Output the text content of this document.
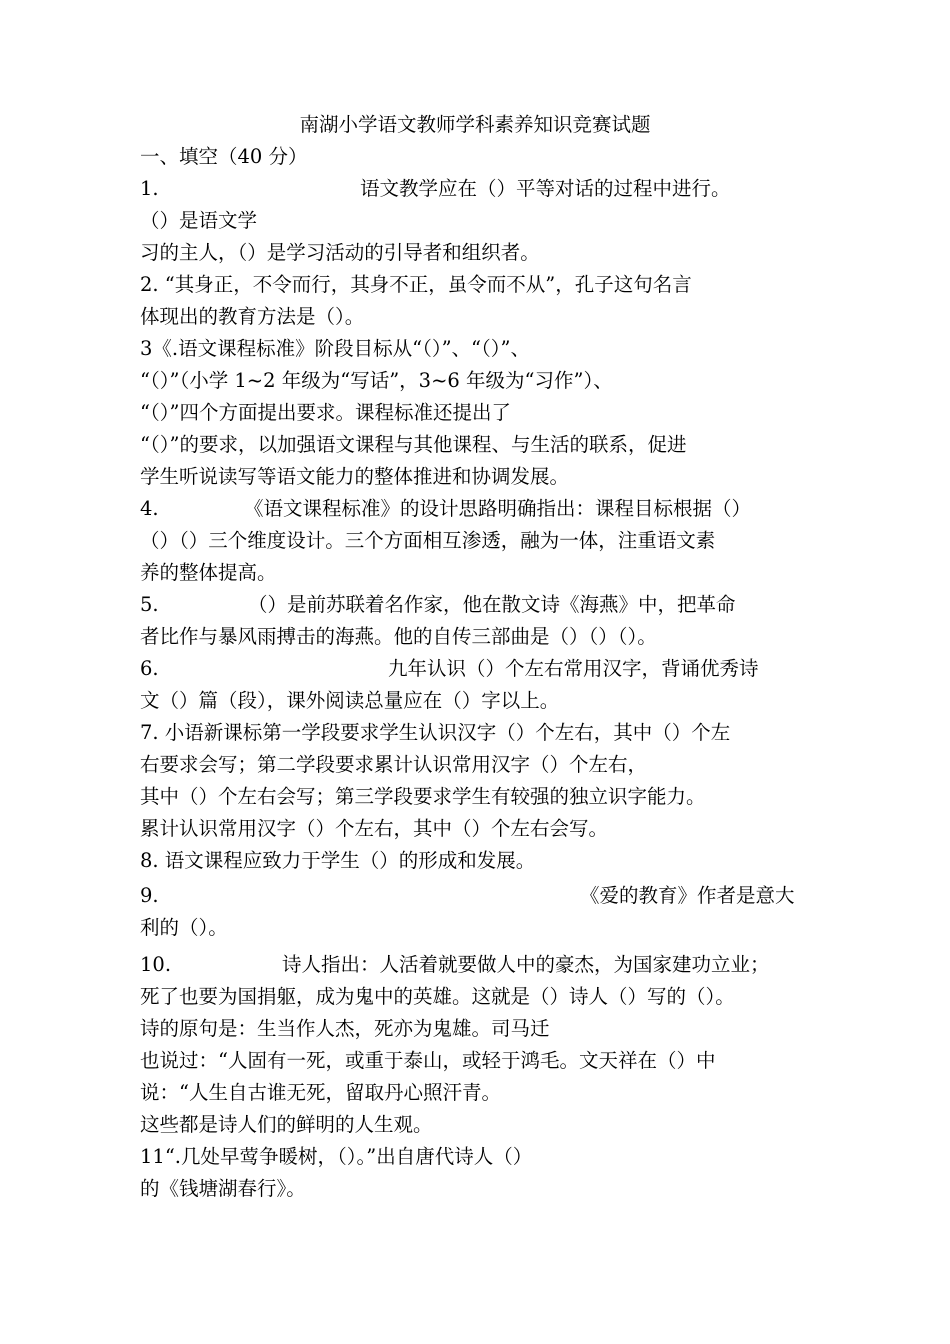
南湖小学语文教师学科素养知识竞赛试题
一、填空（40 分）
1.	语文教学应在（）平等对话的过程中进行。
（）是语文学
习的主人，（）是学习活动的引导者和组织者。
2. “其身正，不令而行，其身不正，虽令而不从”，孔子这句名言
体现出的教育方法是（）。
3《.语文课程标准》阶段目标从“（）”、“（）”、
“（）”（小学 1~2 年级为“写话”，3~6 年级为“习作”）、
“（）”四个方面提出要求。课程标准还提出了
“（）”的要求，以加强语文课程与其他课程、与生活的联系，促进
学生听说读写等语文能力的整体推进和协调发展。
4.	《语文课程标准》的设计思路明确指出：课程目标根据（）
（）（）三个维度设计。三个方面相互渗透，融为一体，注重语文素
养的整体提高。
5.	（）是前苏联着名作家，他在散文诗《海燕》中，把革命
者比作与暴风雨搏击的海燕。他的自传三部曲是（）（）（）。
6.	九年认识（）个左右常用汉字，背诵优秀诗
文（）篇（段），课外阅读总量应在（）字以上。
7. 小语新课标第一学段要求学生认识汉字（）个左右，其中（）个左
右要求会写；第二学段要求累计认识常用汉字（）个左右，
其中（）个左右会写；第三学段要求学生有较强的独立识字能力。
累计认识常用汉字（）个左右，其中（）个左右会写。
8. 语文课程应致力于学生（）的形成和发展。
9.	《爱的教育》作者是意大
利的（）。
10.	诗人指出：人活着就要做人中的豪杰，为国家建功立业；
死了也要为国捐躯，成为鬼中的英雄。这就是（）诗人（）写的（）。
诗的原句是：生当作人杰，死亦为鬼雄。司马迁
也说过：“人固有一死，或重于泰山，或轻于鸿毛。文天祥在（）中
说：“人生自古谁无死，留取丹心照汗青。
这些都是诗人们的鲜明的人生观。
11“.几处早莺争暖树，（）。”出自唐代诗人（）
的《钱塘湖春行》。
